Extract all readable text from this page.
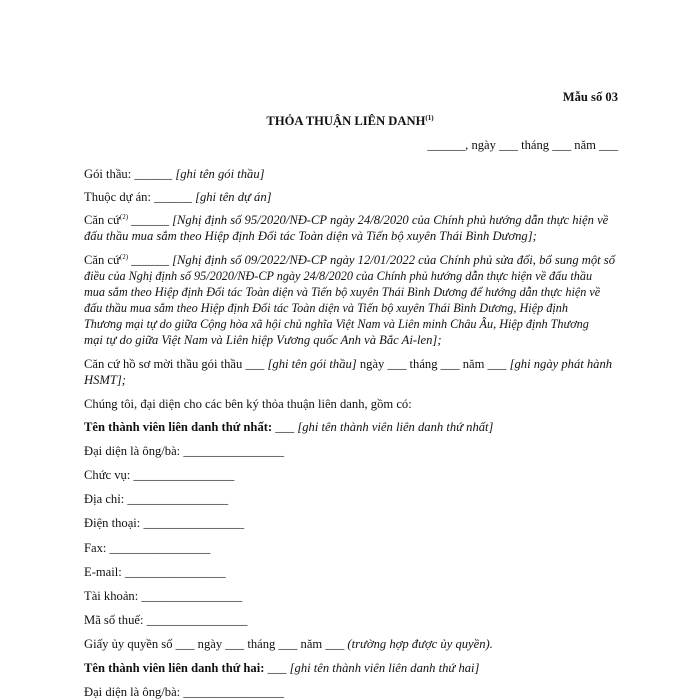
Mẫu số 03
THỎA THUẬN LIÊN DANH$^{(1)}$
______, ngày ___ tháng ___ năm ___
Gói thầu: ______ [ghi tên gói thầu]
Thuộc dự án: ______ [ghi tên dự án]
Căn cứ$^{(2)}$ ______ [Nghị định số 95/2020/NĐ-CP ngày 24/8/2020 của Chính phủ hướng dẫn thực hiện về
đấu thầu mua sắm theo Hiệp định Đối tác Toàn diện và Tiến bộ xuyên Thái Bình Dương];
Căn cứ$^{(2)}$ ______ [Nghị định số 09/2022/NĐ-CP ngày 12/01/2022 của Chính phủ sửa đổi, bổ sung một số
điều của Nghị định số 95/2020/NĐ-CP ngày 24/8/2020 của Chính phủ hướng dẫn thực hiện về đấu thầu
mua sắm theo Hiệp định Đối tác Toàn diện và Tiến bộ xuyên Thái Bình Dương để hướng dẫn thực hiện về
đấu thầu mua sắm theo Hiệp định Đối tác Toàn diện và Tiến bộ xuyên Thái Bình Dương, Hiệp định
Thương mại tự do giữa Cộng hòa xã hội chủ nghĩa Việt Nam và Liên minh Châu Âu, Hiệp định Thương
mại tự do giữa Việt Nam và Liên hiệp Vương quốc Anh và Bắc Ai-len];
Căn cứ hồ sơ mời thầu gói thầu ___ [ghi tên gói thầu] ngày ___ tháng ___ năm ___ [ghi ngày phát hành
HSMT];
Chúng tôi, đại diện cho các bên ký thỏa thuận liên danh, gồm có:
Tên thành viên liên danh thứ nhất: ___ [ghi tên thành viên liên danh thứ nhất]
Đại diện là ông/bà: ________________
Chức vụ: ________________
Địa chỉ: ________________
Điện thoại: ________________
Fax: ________________
E-mail: ________________
Tài khoản: ________________
Mã số thuế: ________________
Giấy ủy quyền số ___ ngày ___ tháng ___ năm ___ (trường hợp được ủy quyền).
Tên thành viên liên danh thứ hai: ___ [ghi tên thành viên liên danh thứ hai]
Đại diện là ông/bà: ________________
